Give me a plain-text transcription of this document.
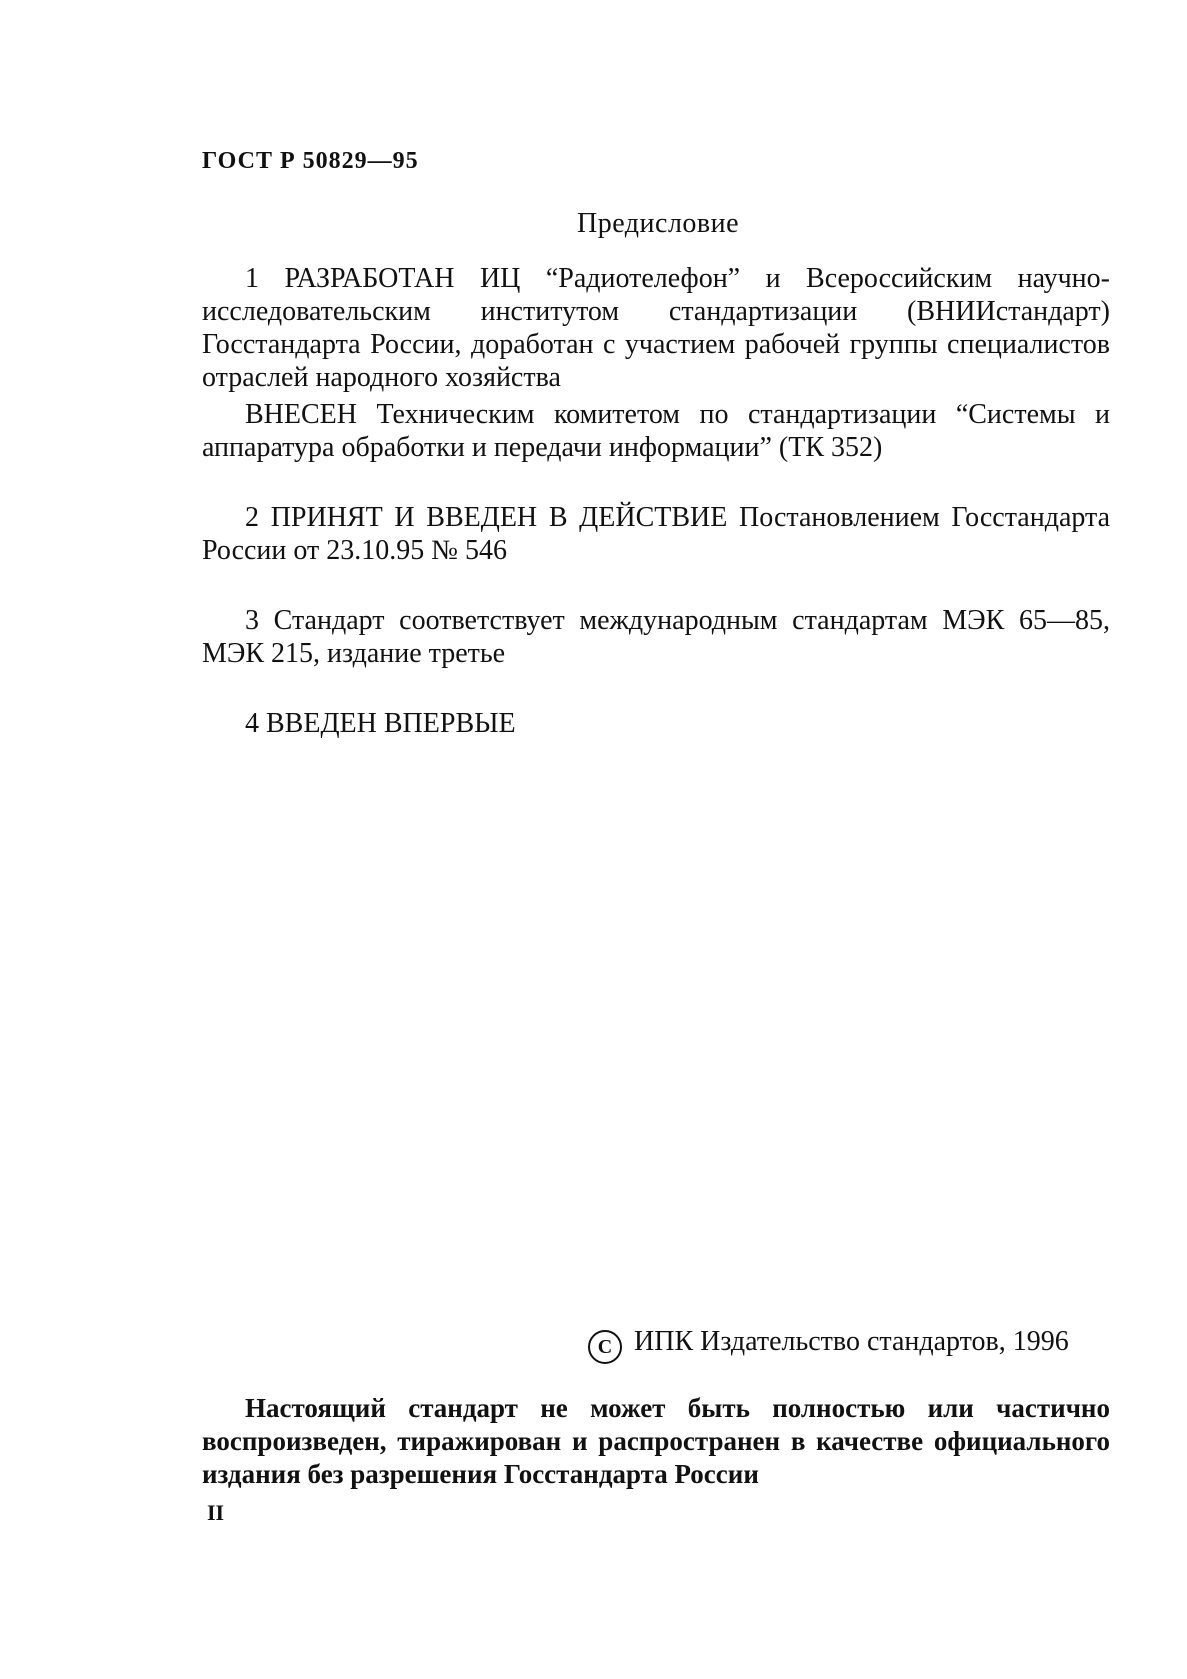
ГОСТ Р 50829—95

Предисловие

1 РАЗРАБОТАН ИЦ “Радиотелефон” и Всероссийским научно-исследовательским институтом стандартизации (ВНИИстандарт) Госстандарта России, доработан с участием рабочей группы специалистов отраслей народного хозяйства

ВНЕСЕН Техническим комитетом по стандартизации “Системы и аппаратура обработки и передачи информации” (ТК 352)

2 ПРИНЯТ И ВВЕДЕН В ДЕЙСТВИЕ Постановлением Госстандарта России от 23.10.95 № 546

3 Стандарт соответствует международным стандартам МЭК 65—85, МЭК 215, издание третье

4 ВВЕДЕН ВПЕРВЫЕ

C ИПК Издательство стандартов, 1996

Настоящий стандарт не может быть полностью или частично воспроизведен, тиражирован и распространен в качестве официального издания без разрешения Госстандарта России

II
